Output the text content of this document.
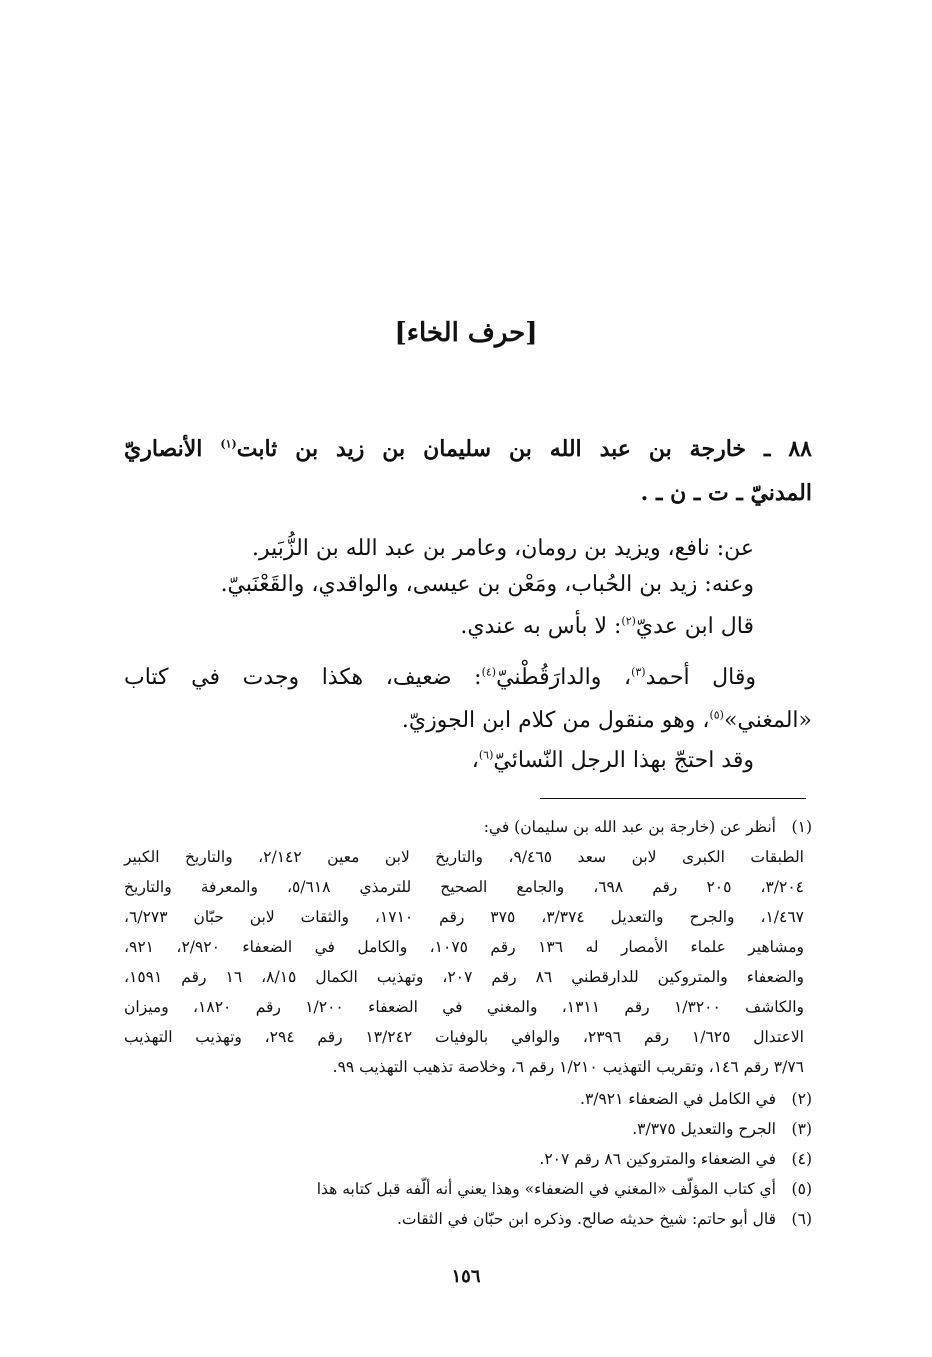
[حرف الخاء]
٨٨ ـ خارجة بن عبد الله بن سليمان بن زيد بن ثابت$^{(١)}$ الأنصاريّ
المدنيّ ـ ت ـ ن ـ .
عن: نافع، ويزيد بن رومان، وعامر بن عبد الله بن الزُّبَير.
وعنه: زيد بن الحُباب، ومَعْن بن عيسى، والواقدي، والقَعْنَبيّ.
قال ابن عديّ$^{(٢)}$: لا بأس به عندي.
وقال أحمد$^{(٣)}$، والدارَقُطْنيّ$^{(٤)}$: ضعيف، هكذا وجدت في كتاب
«المغني»$^{(٥)}$، وهو منقول من كلام ابن الجوزيّ.
وقد احتجّ بهذا الرجل النّسائيّ$^{(٦)}$،
(١)أنظر عن (خارجة بن عبد الله بن سليمان) في:
الطبقات الكبرى لابن سعد ٩/٤٦٥، والتاريخ لابن معين ٢/١٤٢، والتاريخ الكبير
٣/٢٠٤، ٢٠٥ رقم ٦٩٨، والجامع الصحيح للترمذي ٥/٦١٨، والمعرفة والتاريخ
١/٤٦٧، والجرح والتعديل ٣/٣٧٤، ٣٧٥ رقم ١٧١٠، والثقات لابن حبّان ٦/٢٧٣،
ومشاهير علماء الأمصار له ١٣٦ رقم ١٠٧٥، والكامل في الضعفاء ٢/٩٢٠، ٩٢١،
والضعفاء والمتروكين للدارقطني ٨٦ رقم ٢٠٧، وتهذيب الكمال ٨/١٥، ١٦ رقم ١٥٩١،
والكاشف ١/٣٢٠٠ رقم ١٣١١، والمغني في الضعفاء ١/٢٠٠ رقم ١٨٢٠، وميزان
الاعتدال ١/٦٢٥ رقم ٢٣٩٦، والوافي بالوفيات ١٣/٢٤٢ رقم ٢٩٤، وتهذيب التهذيب
٣/٧٦ رقم ١٤٦، وتقريب التهذيب ١/٢١٠ رقم ٦، وخلاصة تذهيب التهذيب ٩٩.
(٢)في الكامل في الضعفاء ٣/٩٢١.
(٣)الجرح والتعديل ٣/٣٧٥.
(٤)في الضعفاء والمتروكين ٨٦ رقم ٢٠٧.
(٥)أي كتاب المؤلّف «المغني في الضعفاء» وهذا يعني أنه ألّفه قبل كتابه هذا
(٦)قال أبو حاتم: شيخ حديثه صالح. وذكره ابن حبّان في الثقات.
١٥٦
